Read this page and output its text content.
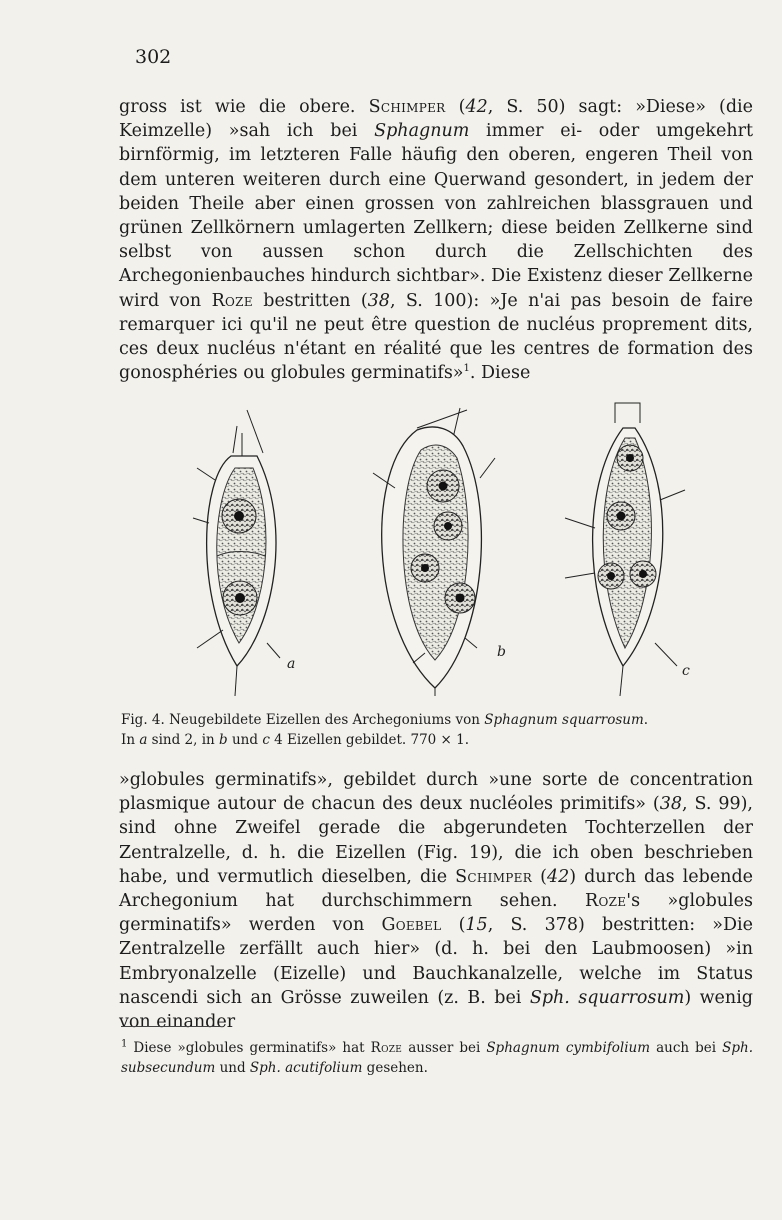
302

gross ist wie die obere. Schimper (42, S. 50) sagt: »Diese» (die Keimzelle) »sah ich bei Sphagnum immer ei- oder umgekehrt birnförmig, im letzteren Falle häufig den oberen, engeren Theil von dem unteren weiteren durch eine Querwand gesondert, in jedem der beiden Theile aber einen grossen von zahlreichen blassgrauen und grünen Zellkörnern umlagerten Zellkern; diese beiden Zellkerne sind selbst von aussen schon durch die Zellschichten des Archegonienbauches hindurch sichtbar». Die Existenz dieser Zellkerne wird von Roze bestritten (38, S. 100): »Je n'ai pas besoin de faire remarquer ici qu'il ne peut être question de nucléus proprement dits, ces deux nucléus n'étant en réalité que les centres de formation des gonosphéries ou globules germinatifs»$^1$. Diese

a
b
c
Fig. 4. Neugebildete Eizellen des Archegoniums von Sphagnum squarrosum.
In a sind 2, in b und c 4 Eizellen gebildet. 770 × 1.

»globules germinatifs», gebildet durch »une sorte de concentration plasmique autour de chacun des deux nucléoles primitifs» (38, S. 99), sind ohne Zweifel gerade die abgerundeten Tochterzellen der Zentralzelle, d. h. die Eizellen (Fig. 19), die ich oben beschrieben habe, und vermutlich dieselben, die Schimper (42) durch das lebende Archegonium hat durchschimmern sehen. Roze's »globules germinatifs» werden von Goebel (15, S. 378) bestritten: »Die Zentralzelle zerfällt auch hier» (d. h. bei den Laubmoosen) »in Embryonalzelle (Eizelle) und Bauchkanalzelle, welche im Status nascendi sich an Grösse zuweilen (z. B. bei Sph. squarrosum) wenig von einander

$^1$ Diese »globules germinatifs» hat Roze ausser bei Sphagnum cymbifolium auch bei Sph. subsecundum und Sph. acutifolium gesehen.
